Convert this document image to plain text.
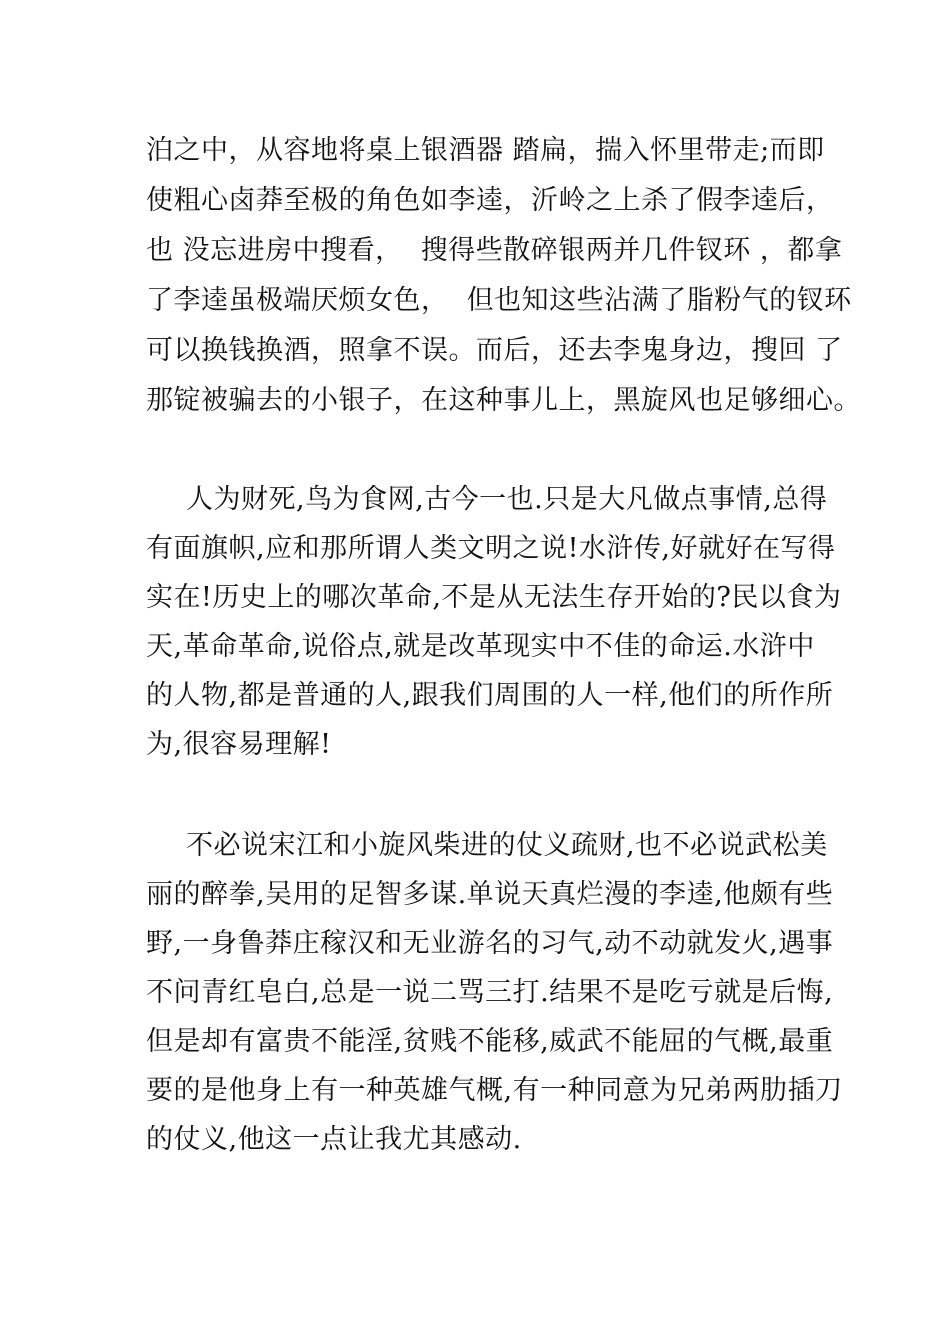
泊之中，从容地将桌上银酒器 踏扁，揣入怀里带走;而即
使粗心卤莽至极的角色如李逵，沂岭之上杀了假李逵后，
也 没忘进房中搜看，  搜得些散碎银两并几件钗环 ，都拿
了李逵虽极端厌烦女色，  但也知这些沾满了脂粉气的钗环
可以换钱换酒，照拿不误。而后，还去李鬼身边，搜回 了
那锭被骗去的小银子，在这种事儿上，黑旋风也足够细心。
人为财死,鸟为食网,古今一也.只是大凡做点事情,总得
有面旗帜,应和那所谓人类文明之说!水浒传,好就好在写得
实在!历史上的哪次革命,不是从无法生存开始的?民以食为
天,革命革命,说俗点,就是改革现实中不佳的命运.水浒中
的人物,都是普通的人,跟我们周围的人一样,他们的所作所
为,很容易理解!
不必说宋江和小旋风柴进的仗义疏财,也不必说武松美
丽的醉拳,吴用的足智多谋.单说天真烂漫的李逵,他颇有些
野,一身鲁莽庄稼汉和无业游名的习气,动不动就发火,遇事
不问青红皂白,总是一说二骂三打.结果不是吃亏就是后悔,
但是却有富贵不能淫,贫贱不能移,威武不能屈的气概,最重
要的是他身上有一种英雄气概,有一种同意为兄弟两肋插刀
的仗义,他这一点让我尤其感动.
